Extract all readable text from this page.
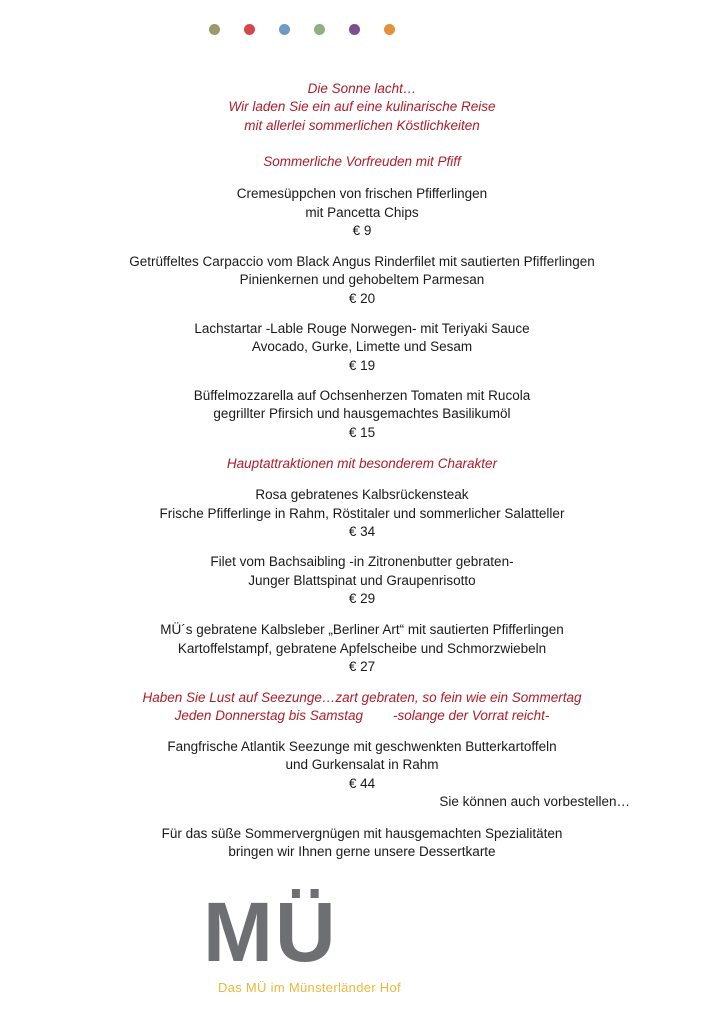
Die Sonne lacht…
Wir laden Sie ein auf eine kulinarische Reise
mit allerlei sommerlichen Köstlichkeiten
Sommerliche Vorfreuden mit Pfiff
Cremesüppchen von frischen Pfifferlingen
mit Pancetta Chips
€ 9
Getrüffeltes Carpaccio vom Black Angus Rinderfilet mit sautierten Pfifferlingen
Pinienkernen und gehobeltem Parmesan
€ 20
Lachstartar -Lable Rouge Norwegen- mit Teriyaki Sauce
Avocado, Gurke, Limette und Sesam
€ 19
Büffelmozzarella auf Ochsenherzen Tomaten mit Rucola
gegrillter Pfirsich und hausgemachtes Basilikumöl
€ 15
Hauptattraktionen mit besonderem Charakter
Rosa gebratenes Kalbsrückensteak
Frische Pfifferlinge in Rahm, Röstitaler und sommerlicher Salatteller
€ 34
Filet vom Bachsaibling -in Zitronenbutter gebraten-
Junger Blattspinat und Graupenrisotto
€ 29
MÜ´s gebratene Kalbsleber „Berliner Art“ mit sautierten Pfifferlingen
Kartoffelstampf, gebratene Apfelscheibe und Schmorzwiebeln
€ 27
Haben Sie Lust auf Seezunge…zart gebraten, so fein wie ein Sommertag
Jeden Donnerstag bis Samstag        -solange der Vorrat reicht-
Fangfrische Atlantik Seezunge mit geschwenkten Butterkartoffeln
und Gurkensalat in Rahm
€ 44
Sie können auch vorbestellen…
Für das süße Sommervergnügen mit hausgemachten Spezialitäten
bringen wir Ihnen gerne unsere Dessertkarte
MÜ
Das MÜ im Münsterländer Hof
